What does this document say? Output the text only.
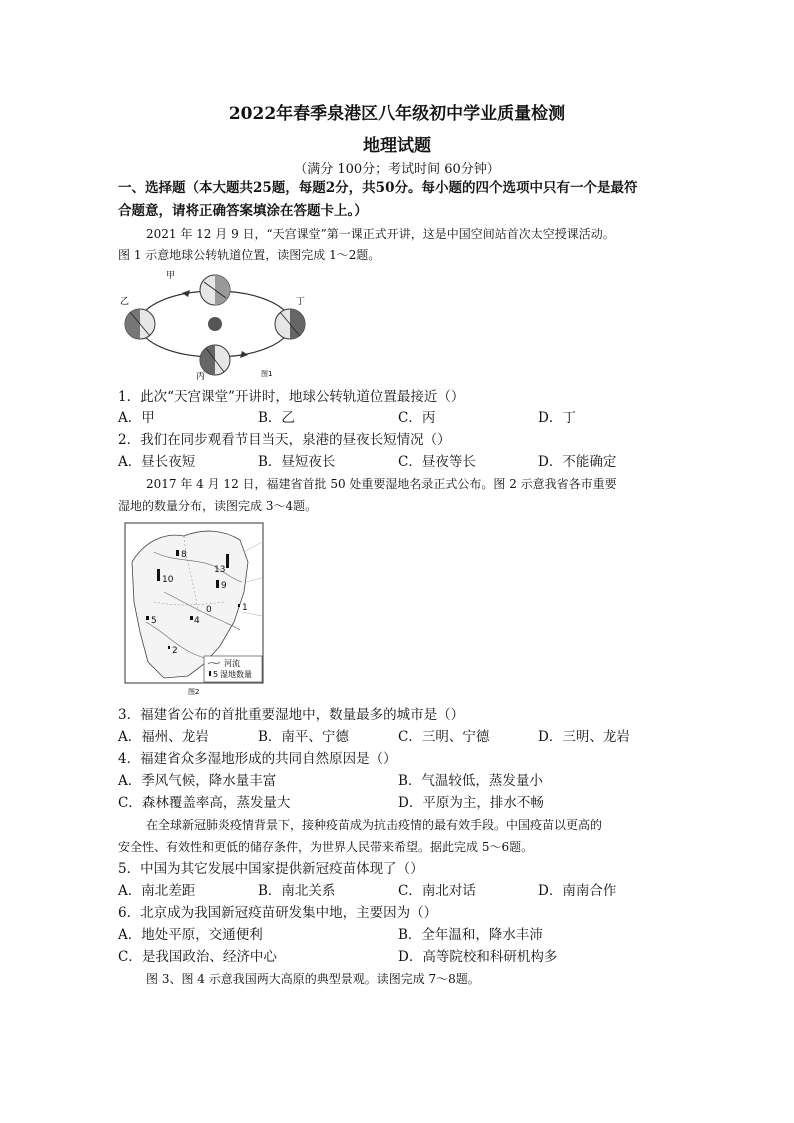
2022年春季泉港区八年级初中学业质量检测
地理试题
（满分 100分；考试时间 60分钟）
一、选择题（本大题共25题，每题2分，共50分。每小题的四个选项中只有一个是最符
合题意，请将正确答案填涂在答题卡上。）
2021 年 12 月 9 日，“天宫课堂”第一课正式开讲，这是中国空间站首次太空授课活动。
图 1 示意地球公转轨道位置，读图完成 1～2题。
甲
乙
丙
丁
图1
1．此次“天宫课堂”开讲时，地球公转轨道位置最接近（）
A．甲	B．乙	C．丙	D．丁
2．我们在同步观看节目当天，泉港的昼夜长短情况（）
A．昼长夜短	B．昼短夜长	C．昼夜等长	D．不能确定
2017 年 4 月 12 日，福建省首批 50 处重要湿地名录正式公布。图 2 示意我省各市重要
湿地的数量分布，读图完成 3～4题。
8
13
10
9
0	1
5	4
2
河流
5 湿地数量
图2
3．福建省公布的首批重要湿地中，数量最多的城市是（）
A．福州、龙岩	B．南平、宁德	C．三明、宁德	D．三明、龙岩
4．福建省众多湿地形成的共同自然原因是（）
A．季风气候，降水量丰富	B．气温较低，蒸发量小
C．森林覆盖率高，蒸发量大	D．平原为主，排水不畅
在全球新冠肺炎疫情背景下，接种疫苗成为抗击疫情的最有效手段。中国疫苗以更高的
安全性、有效性和更低的储存条件，为世界人民带来希望。据此完成 5～6题。
5．中国为其它发展中国家提供新冠疫苗体现了（）
A．南北差距	B．南北关系	C．南北对话	D．南南合作
6．北京成为我国新冠疫苗研发集中地，主要因为（）
A．地处平原，交通便利	B．全年温和，降水丰沛
C．是我国政治、经济中心	D．高等院校和科研机构多
图 3、图 4 示意我国两大高原的典型景观。读图完成 7～8题。
